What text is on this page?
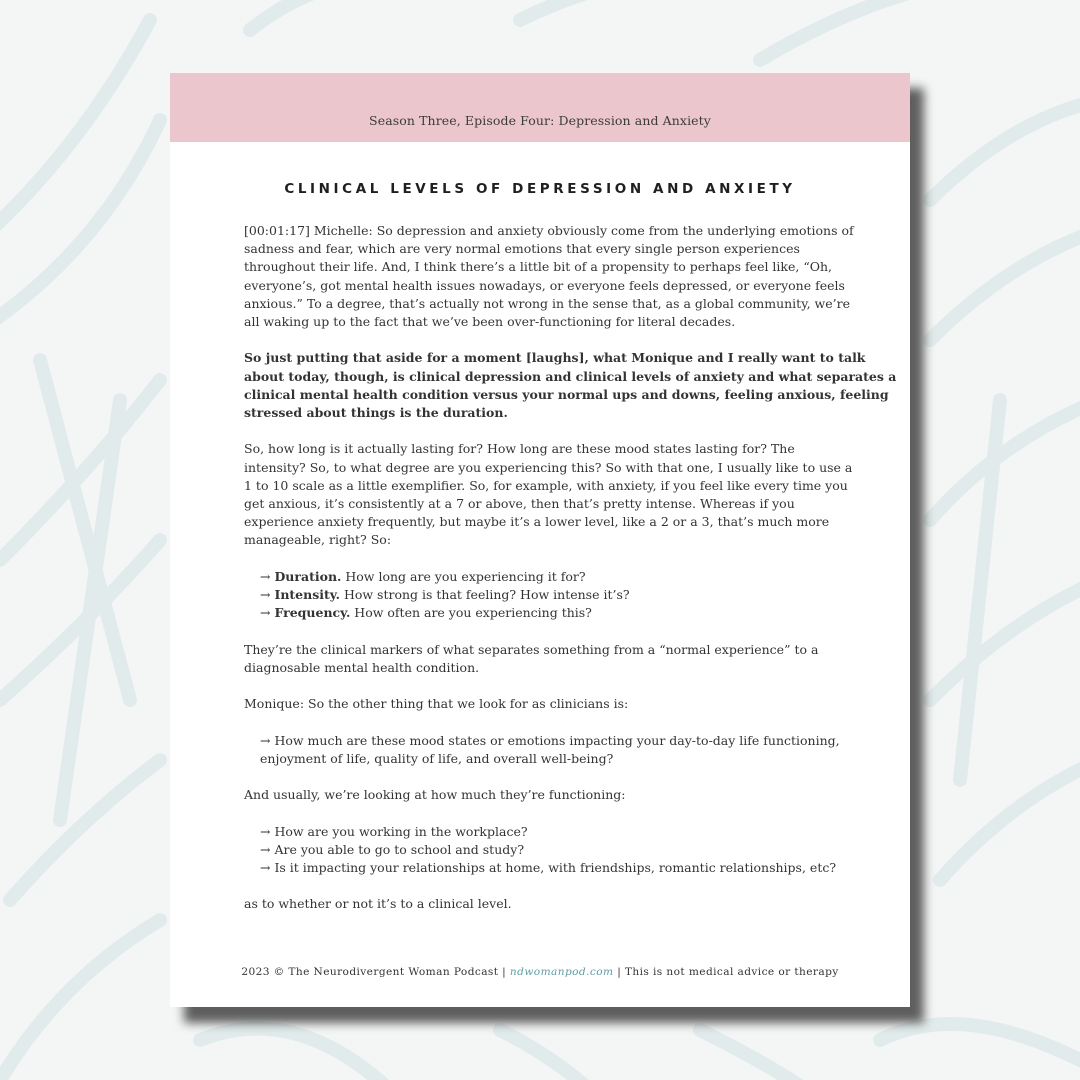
Season Three, Episode Four: Depression and Anxiety
CLINICAL LEVELS OF DEPRESSION AND ANXIETY

[00:01:17] Michelle: So depression and anxiety obviously come from the underlying emotions of

sadness and fear, which are very normal emotions that every single person experiences

throughout their life. And, I think there’s a little bit of a propensity to perhaps feel like, “Oh,

everyone’s, got mental health issues nowadays, or everyone feels depressed, or everyone feels

anxious.” To a degree, that’s actually not wrong in the sense that, as a global community, we’re

all waking up to the fact that we’ve been over-functioning for literal decades.

So just putting that aside for a moment [laughs], what Monique and I really want to talk

about today, though, is clinical depression and clinical levels of anxiety and what separates a

clinical mental health condition versus your normal ups and downs, feeling anxious, feeling

stressed about things is the duration.

So, how long is it actually lasting for? How long are these mood states lasting for? The

intensity? So, to what degree are you experiencing this? So with that one, I usually like to use a

1 to 10 scale as a little exemplifier. So, for example, with anxiety, if you feel like every time you

get anxious, it’s consistently at a 7 or above, then that’s pretty intense. Whereas if you

experience anxiety frequently, but maybe it’s a lower level, like a 2 or a 3, that’s much more

manageable, right? So:

→ Duration. How long are you experiencing it for?

→ Intensity. How strong is that feeling? How intense it’s?

→ Frequency. How often are you experiencing this?

They’re the clinical markers of what separates something from a “normal experience” to a

diagnosable mental health condition.

Monique: So the other thing that we look for as clinicians is:

→ How much are these mood states or emotions impacting your day-to-day life functioning,

enjoyment of life, quality of life, and overall well-being?

And usually, we’re looking at how much they’re functioning:

→ How are you working in the workplace?

→ Are you able to go to school and study?

→ Is it impacting your relationships at home, with friendships, romantic relationships, etc?

as to whether or not it’s to a clinical level.

2023 © The Neurodivergent Woman Podcast | ndwomanpod.com | This is not medical advice or therapy
